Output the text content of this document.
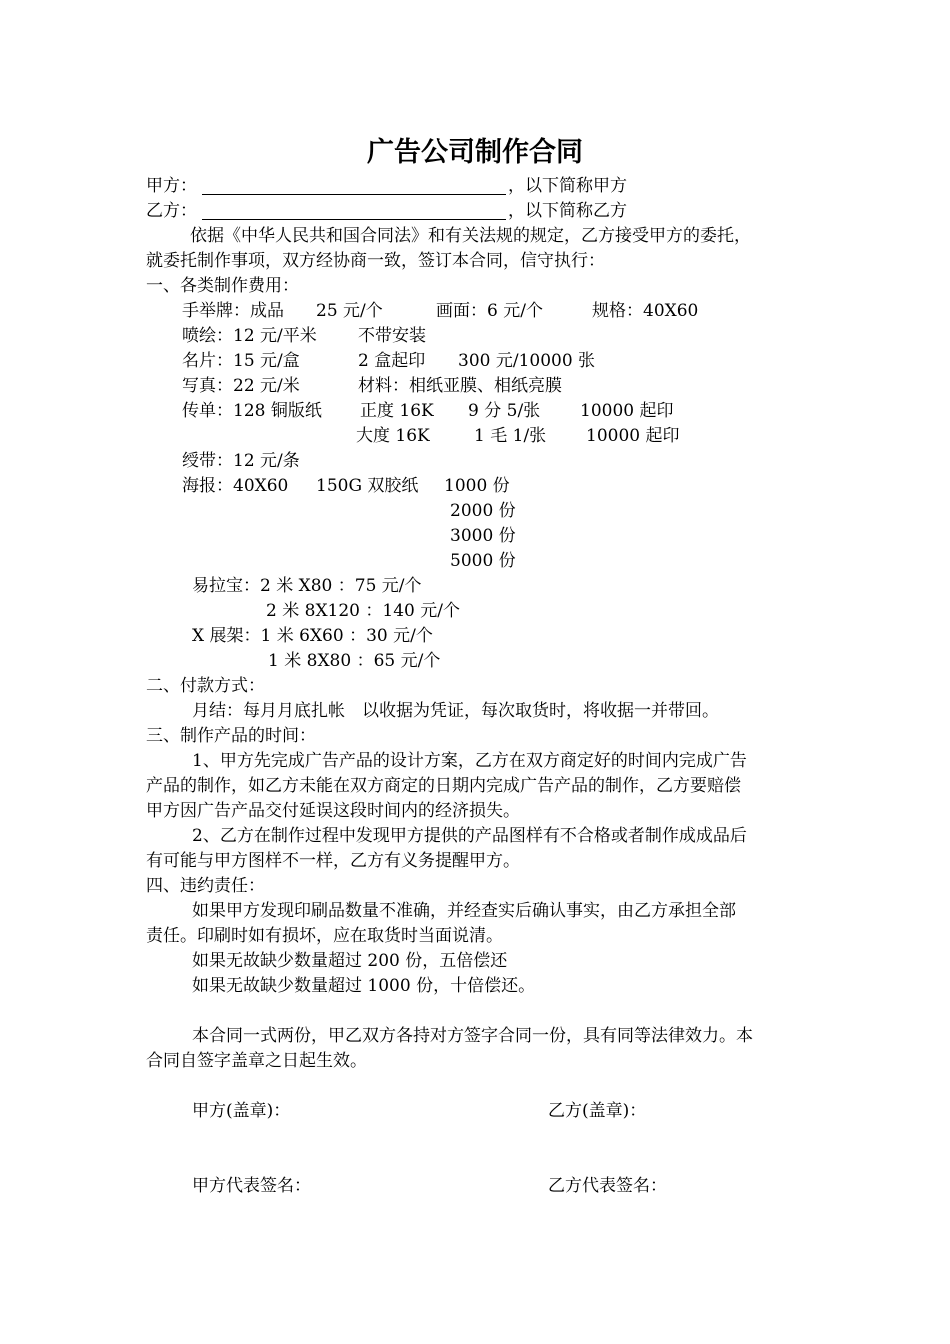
广告公司制作合同
甲方：	，以下简称甲方
乙方：	，以下简称乙方
依据《中华人民共和国合同法》和有关法规的规定，乙方接受甲方的委托，
就委托制作事项，双方经协商一致，签订本合同，信守执行：
一、各类制作费用：
手举牌：成品 25 元/个	画面：6 元/个	规格：40X60
喷绘：12 元/平米 不带安装
名片：15 元/盒	2 盒起印 300 元/10000 张
写真：22 元/米	材料：相纸亚膜、相纸亮膜
传单：128 铜版纸 正度 16K 9 分 5/张 10000 起印
大度 16K	1 毛 1/张 10000 起印
绶带：12 元/条
海报：40X60 150G 双胶纸 1000 份
2000 份
3000 份
5000 份
易拉宝：2 米 X80 ：75 元/个
2 米 8X120 ：140 元/个
X 展架：1 米 6X60 ：30 元/个
1 米 8X80 ：65 元/个
二、付款方式：
月结：每月月底扎帐　以收据为凭证，每次取货时，将收据一并带回。
三、制作产品的时间：
1、甲方先完成广告产品的设计方案，乙方在双方商定好的时间内完成广告
产品的制作，如乙方未能在双方商定的日期内完成广告产品的制作，乙方要赔偿
甲方因广告产品交付延误这段时间内的经济损失。
2、乙方在制作过程中发现甲方提供的产品图样有不合格或者制作成成品后
有可能与甲方图样不一样，乙方有义务提醒甲方。
四、违约责任：
如果甲方发现印刷品数量不准确，并经查实后确认事实，由乙方承担全部
责任。印刷时如有损坏，应在取货时当面说清。
如果无故缺少数量超过 200 份，五倍偿还
如果无故缺少数量超过 1000 份，十倍偿还。
本合同一式两份，甲乙双方各持对方签字合同一份，具有同等法律效力。本
合同自签字盖章之日起生效。
甲方(盖章)：	乙方(盖章)：
甲方代表签名：	乙方代表签名：
